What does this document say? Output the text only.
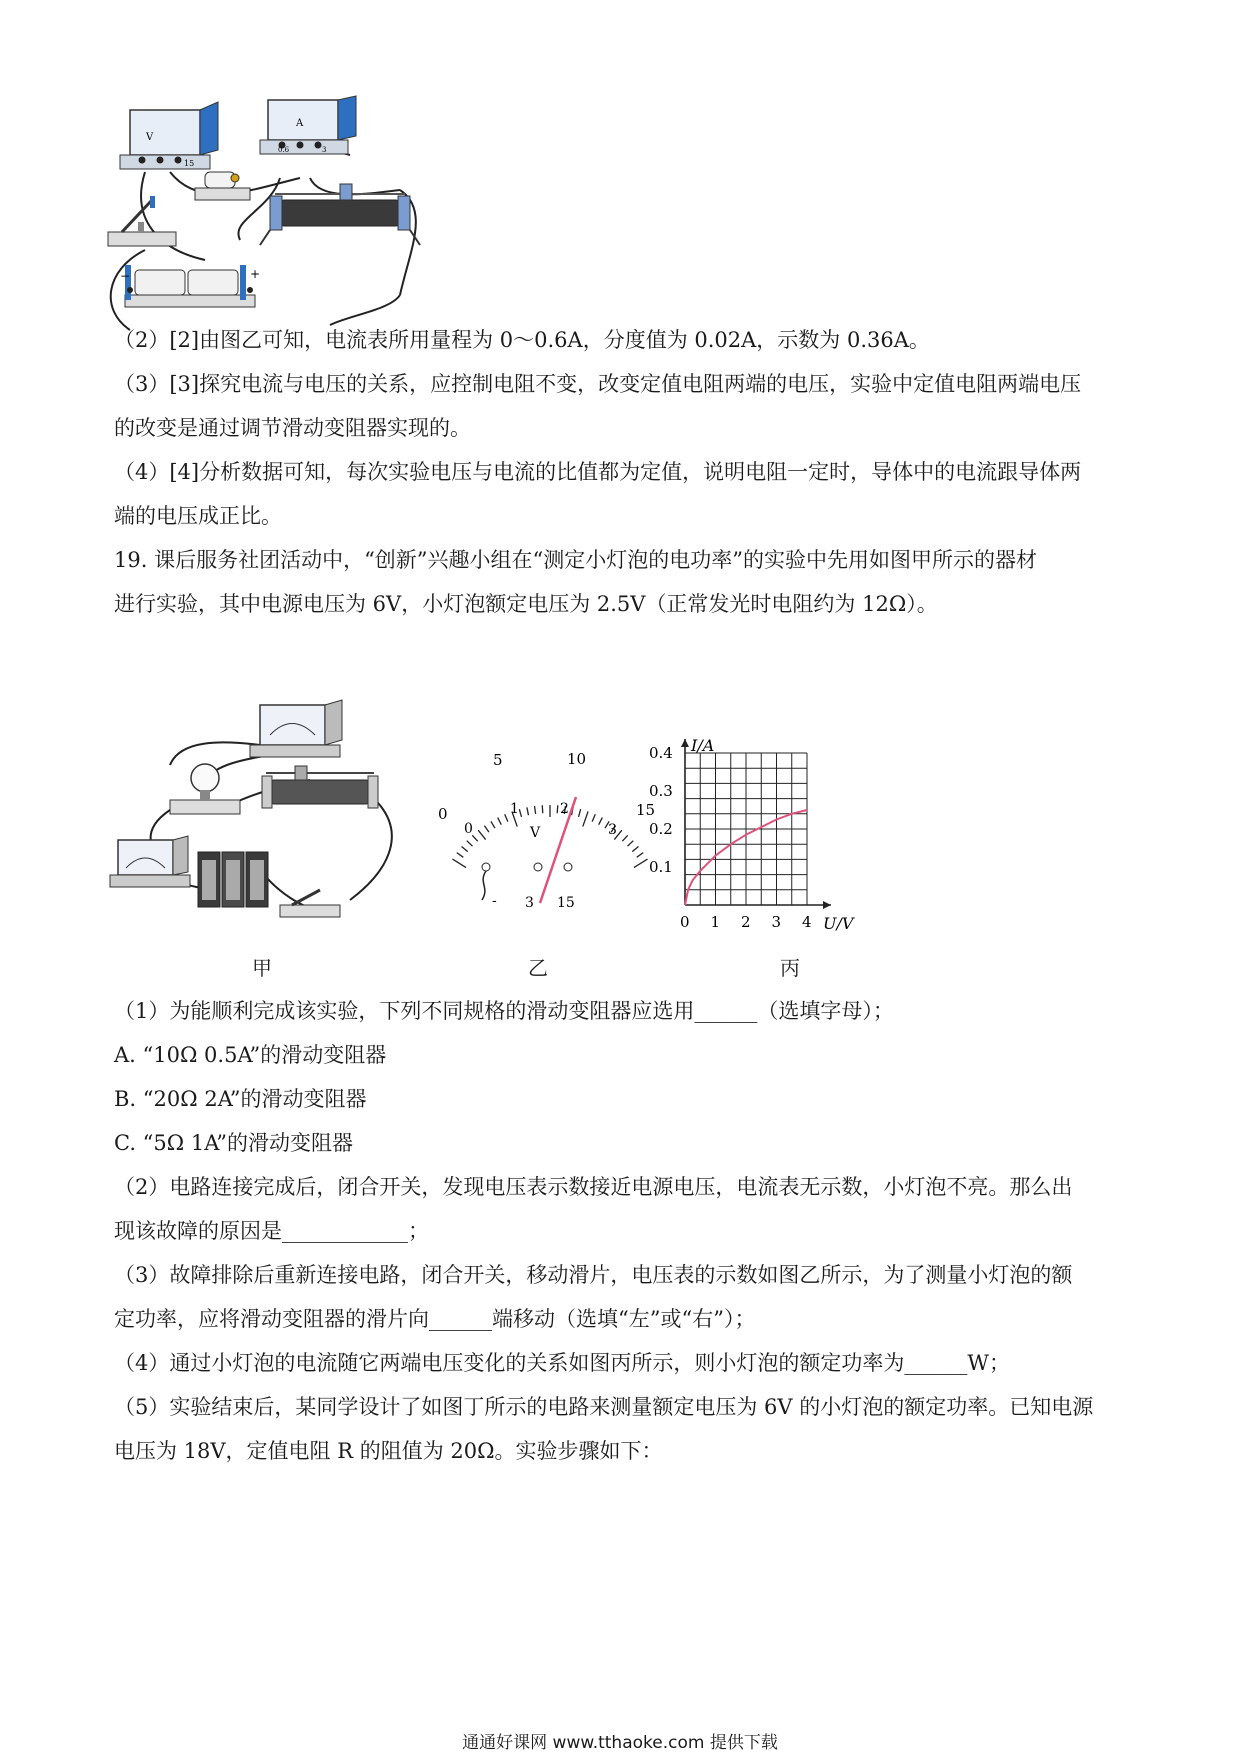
V
15
A
0.6	3
−	+
（2）[2]由图乙可知，电流表所用量程为 0～0.6A，分度值为 0.02A，示数为 0.36A。
（3）[3]探究电流与电压的关系，应控制电阻不变，改变定值电阻两端的电压，实验中定值电阻两端电压
的改变是通过调节滑动变阻器实现的。
（4）[4]分析数据可知，每次实验电压与电流的比值都为定值，说明电阻一定时，导体中的电流跟导体两
端的电压成正比。
19. 课后服务社团活动中，“创新”兴趣小组在“测定小灯泡的电功率”的实验中先用如图甲所示的器材
进行实验，其中电源电压为 6V，小灯泡额定电压为 2.5V（正常发光时电阻约为 12Ω）。
甲
0
5	10
15
0
1	2
3
V
- 3 15
乙
0 1 2 3 4
0.1
0.2
0.3
0.4
U/V
I/A
丙
（1）为能顺利完成该实验，下列不同规格的滑动变阻器应选用______（选填字母）；
A. “10Ω 0.5A”的滑动变阻器
B. “20Ω 2A”的滑动变阻器
C. “5Ω 1A”的滑动变阻器
（2）电路连接完成后，闭合开关，发现电压表示数接近电源电压，电流表无示数，小灯泡不亮。那么出
现该故障的原因是____________；
（3）故障排除后重新连接电路，闭合开关，移动滑片，电压表的示数如图乙所示，为了测量小灯泡的额
定功率，应将滑动变阻器的滑片向______端移动（选填“左”或“右”）；
（4）通过小灯泡的电流随它两端电压变化的关系如图丙所示，则小灯泡的额定功率为______W；
（5）实验结束后，某同学设计了如图丁所示的电路来测量额定电压为 6V 的小灯泡的额定功率。已知电源
电压为 18V，定值电阻 R 的阻值为 20Ω。实验步骤如下：
通通好课网 www.tthaoke.com 提供下载
